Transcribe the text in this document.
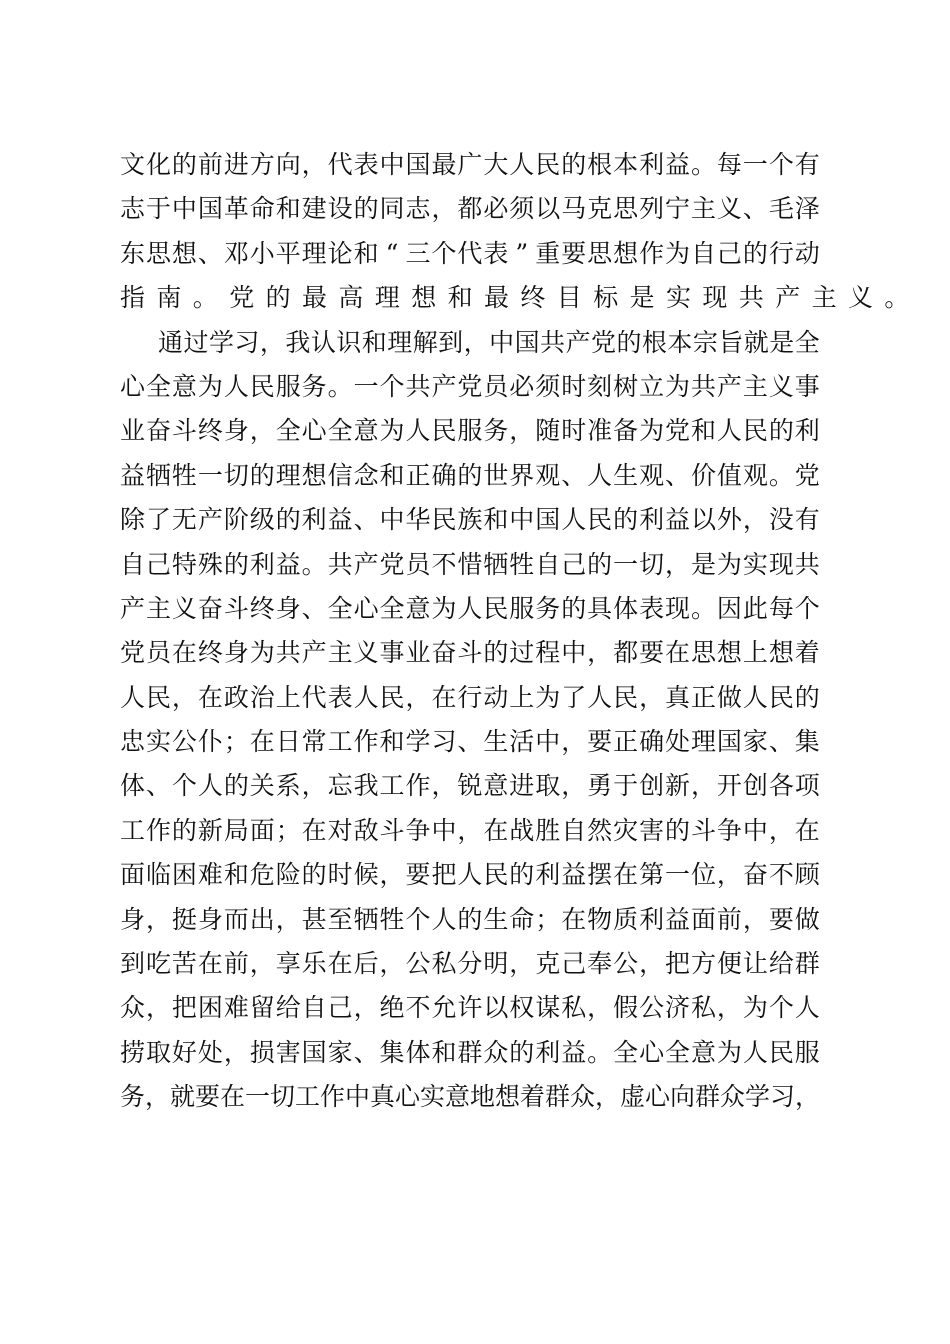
文 化 的 前 进 方 向 ， 代 表 中 国 最 广 大 人 民 的 根 本 利 益 。 每 一 个 有
志 于 中 国 革 命 和 建 设 的 同 志 ， 都 必 须 以 马 克 思 列 宁 主 义 、 毛 泽
东 思 想 、 邓 小 平 理 论 和 “ 三 个 代 表 ” 重 要 思 想 作 为 自 己 的 行 动
指南。党的最高理想和最终目标是实现共产主义。
通 过 学 习 ， 我 认 识 和 理 解 到 ， 中 国 共 产 党 的 根 本 宗 旨 就 是 全
心 全 意 为 人 民 服 务 。 一 个 共 产 党 员 必 须 时 刻 树 立 为 共 产 主 义 事
业 奋 斗 终 身 ， 全 心 全 意 为 人 民 服 务 ， 随 时 准 备 为 党 和 人 民 的 利
益 牺 牲 一 切 的 理 想 信 念 和 正 确 的 世 界 观 、 人 生 观 、 价 值 观 。 党
除 了 无 产 阶 级 的 利 益 、 中 华 民 族 和 中 国 人 民 的 利 益 以 外 ， 没 有
自 己 特 殊 的 利 益 。 共 产 党 员 不 惜 牺 牲 自 己 的 一 切 ， 是 为 实 现 共
产 主 义 奋 斗 终 身 、 全 心 全 意 为 人 民 服 务 的 具 体 表 现 。 因 此 每 个
党 员 在 终 身 为 共 产 主 义 事 业 奋 斗 的 过 程 中 ， 都 要 在 思 想 上 想 着
人 民 ， 在 政 治 上 代 表 人 民 ， 在 行 动 上 为 了 人 民 ， 真 正 做 人 民 的
忠 实 公 仆 ； 在 日 常 工 作 和 学 习 、 生 活 中 ， 要 正 确 处 理 国 家 、 集
体 、 个 人 的 关 系 ， 忘 我 工 作 ， 锐 意 进 取 ， 勇 于 创 新 ， 开 创 各 项
工 作 的 新 局 面 ； 在 对 敌 斗 争 中 ， 在 战 胜 自 然 灾 害 的 斗 争 中 ， 在
面 临 困 难 和 危 险 的 时 候 ， 要 把 人 民 的 利 益 摆 在 第 一 位 ， 奋 不 顾
身 ， 挺 身 而 出 ， 甚 至 牺 牲 个 人 的 生 命 ； 在 物 质 利 益 面 前 ， 要 做
到 吃 苦 在 前 ， 享 乐 在 后 ， 公 私 分 明 ， 克 己 奉 公 ， 把 方 便 让 给 群
众 ， 把 困 难 留 给 自 己 ， 绝 不 允 许 以 权 谋 私 ， 假 公 济 私 ， 为 个 人
捞 取 好 处 ， 损 害 国 家 、 集 体 和 群 众 的 利 益 。 全 心 全 意 为 人 民 服
务 ， 就 要 在 一 切 工 作 中 真 心 实 意 地 想 着 群 众 ， 虚 心 向 群 众 学 习 ，
